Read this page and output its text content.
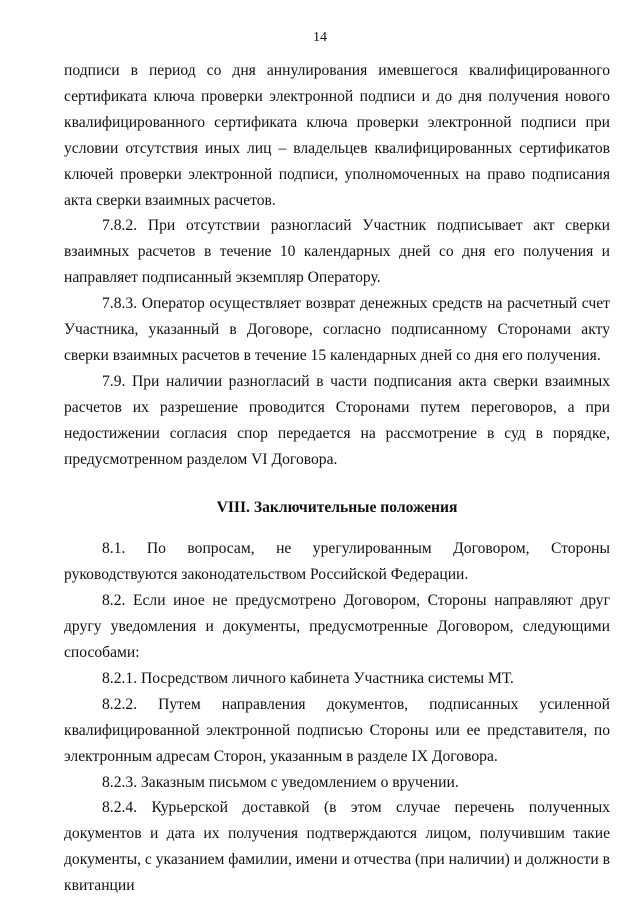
14

подписи в период со дня аннулирования имевшегося квалифицированного сертификата ключа проверки электронной подписи и до дня получения нового квалифицированного сертификата ключа проверки электронной подписи при условии отсутствия иных лиц – владельцев квалифицированных сертификатов ключей проверки электронной подписи, уполномоченных на право подписания акта сверки взаимных расчетов.

7.8.2. При отсутствии разногласий Участник подписывает акт сверки взаимных расчетов в течение 10 календарных дней со дня его получения и направляет подписанный экземпляр Оператору.

7.8.3. Оператор осуществляет возврат денежных средств на расчетный счет Участника, указанный в Договоре, согласно подписанному Сторонами акту сверки взаимных расчетов в течение 15 календарных дней со дня его получения.

7.9. При наличии разногласий в части подписания акта сверки взаимных расчетов их разрешение проводится Сторонами путем переговоров, а при недостижении согласия спор передается на рассмотрение в суд в порядке, предусмотренном разделом VI Договора.

VIII. Заключительные положения

8.1. По вопросам, не урегулированным Договором, Стороны руководствуются законодательством Российской Федерации.

8.2. Если иное не предусмотрено Договором, Стороны направляют друг другу уведомления и документы, предусмотренные Договором, следующими способами:

8.2.1. Посредством личного кабинета Участника системы МТ.

8.2.2. Путем направления документов, подписанных усиленной квалифицированной электронной подписью Стороны или ее представителя, по электронным адресам Сторон, указанным в разделе IX Договора.

8.2.3. Заказным письмом с уведомлением о вручении.

8.2.4. Курьерской доставкой (в этом случае перечень полученных документов и дата их получения подтверждаются лицом, получившим такие документы, с указанием фамилии, имени и отчества (при наличии) и должности в квитанции
